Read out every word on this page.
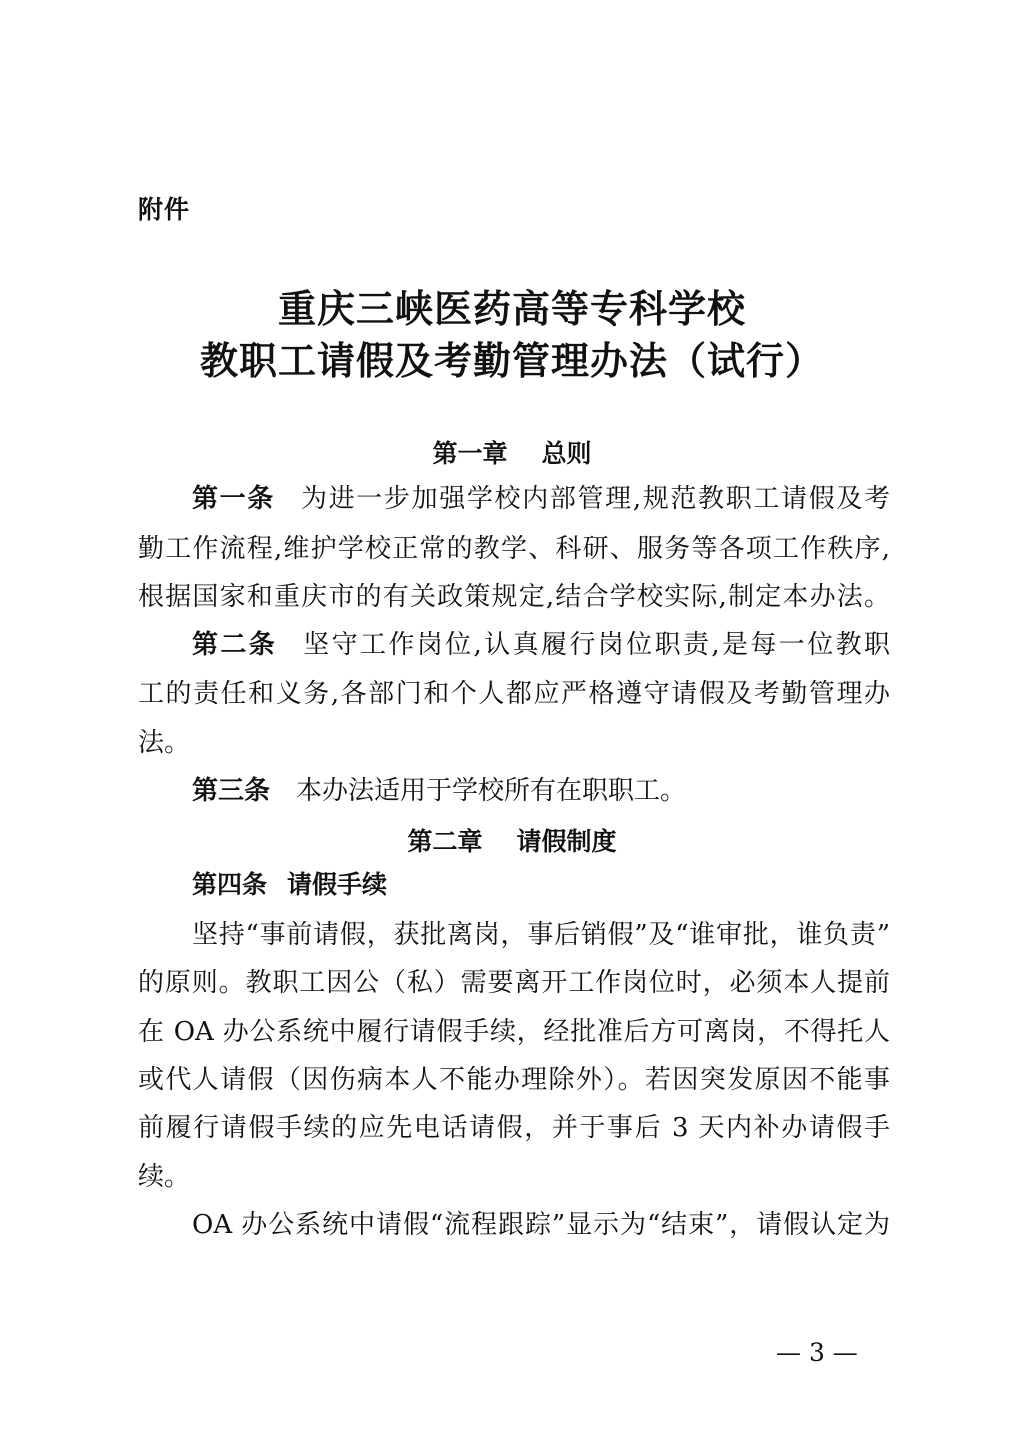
附件
重庆三峡医药高等专科学校
教职工请假及考勤管理办法（试行）
第一章 总则
第一条 为进一步加强学校内部管理,规范教职工请假及考
勤工作流程,维护学校正常的教学、科研、服务等各项工作秩序,
根据国家和重庆市的有关政策规定,结合学校实际,制定本办法。
第二条 坚守工作岗位,认真履行岗位职责,是每一位教职
工的责任和义务,各部门和个人都应严格遵守请假及考勤管理办
法。
第三条 本办法适用于学校所有在职职工。
第二章 请假制度
第四条 请假手续
坚持“事前请假，获批离岗，事后销假”及“谁审批，谁负责”
的原则。教职工因公（私）需要离开工作岗位时，必须本人提前
在 OA 办公系统中履行请假手续，经批准后方可离岗，不得托人
或代人请假（因伤病本人不能办理除外）。若因突发原因不能事
前履行请假手续的应先电话请假，并于事后 3 天内补办请假手
续。
OA 办公系统中请假“流程跟踪”显示为“结束”，请假认定为
— 3 —
